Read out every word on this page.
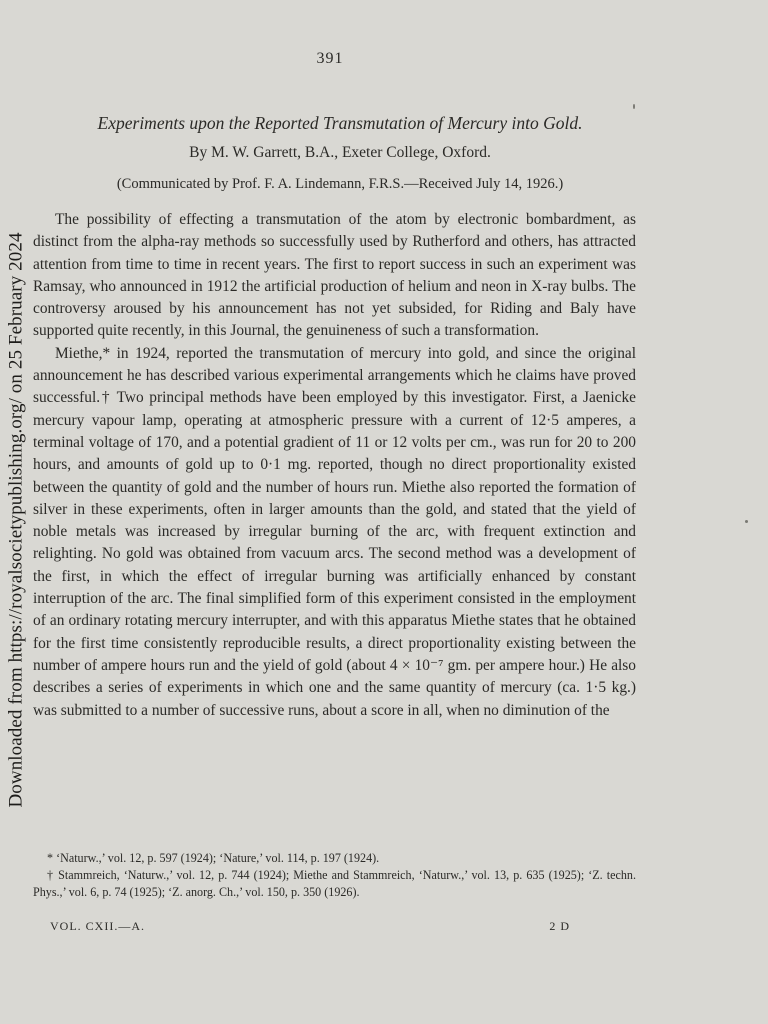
Downloaded from https://royalsocietypublishing.org/ on 25 February 2024
391
Experiments upon the Reported Transmutation of Mercury into Gold.
By M. W. Garrett, B.A., Exeter College, Oxford.
(Communicated by Prof. F. A. Lindemann, F.R.S.—Received July 14, 1926.)

The possibility of effecting a transmutation of the atom by electronic bombardment, as distinct from the alpha-ray methods so successfully used by Rutherford and others, has attracted attention from time to time in recent years. The first to report success in such an experiment was Ramsay, who announced in 1912 the artificial production of helium and neon in X-ray bulbs. The controversy aroused by his announcement has not yet subsided, for Riding and Baly have supported quite recently, in this Journal, the genuineness of such a transformation.

Miethe,* in 1924, reported the transmutation of mercury into gold, and since the original announcement he has described various experimental arrangements which he claims have proved successful.† Two principal methods have been employed by this investigator. First, a Jaenicke mercury vapour lamp, operating at atmospheric pressure with a current of 12·5 amperes, a terminal voltage of 170, and a potential gradient of 11 or 12 volts per cm., was run for 20 to 200 hours, and amounts of gold up to 0·1 mg. reported, though no direct proportionality existed between the quantity of gold and the number of hours run. Miethe also reported the formation of silver in these experiments, often in larger amounts than the gold, and stated that the yield of noble metals was increased by irregular burning of the arc, with frequent extinction and relighting. No gold was obtained from vacuum arcs. The second method was a development of the first, in which the effect of irregular burning was artificially enhanced by constant interruption of the arc. The final simplified form of this experiment consisted in the employment of an ordinary rotating mercury interrupter, and with this apparatus Miethe states that he obtained for the first time consistently reproducible results, a direct proportionality existing between the number of ampere hours run and the yield of gold (about 4 × 10⁻⁷ gm. per ampere hour.) He also describes a series of experiments in which one and the same quantity of mercury (ca. 1·5 kg.) was submitted to a number of successive runs, about a score in all, when no diminution of the

* ‘Naturw.,’ vol. 12, p. 597 (1924); ‘Nature,’ vol. 114, p. 197 (1924).

† Stammreich, ‘Naturw.,’ vol. 12, p. 744 (1924); Miethe and Stammreich, ‘Naturw.,’ vol. 13, p. 635 (1925); ‘Z. techn. Phys.,’ vol. 6, p. 74 (1925); ‘Z. anorg. Ch.,’ vol. 150, p. 350 (1926).

VOL. CXII.—A.	2 D
